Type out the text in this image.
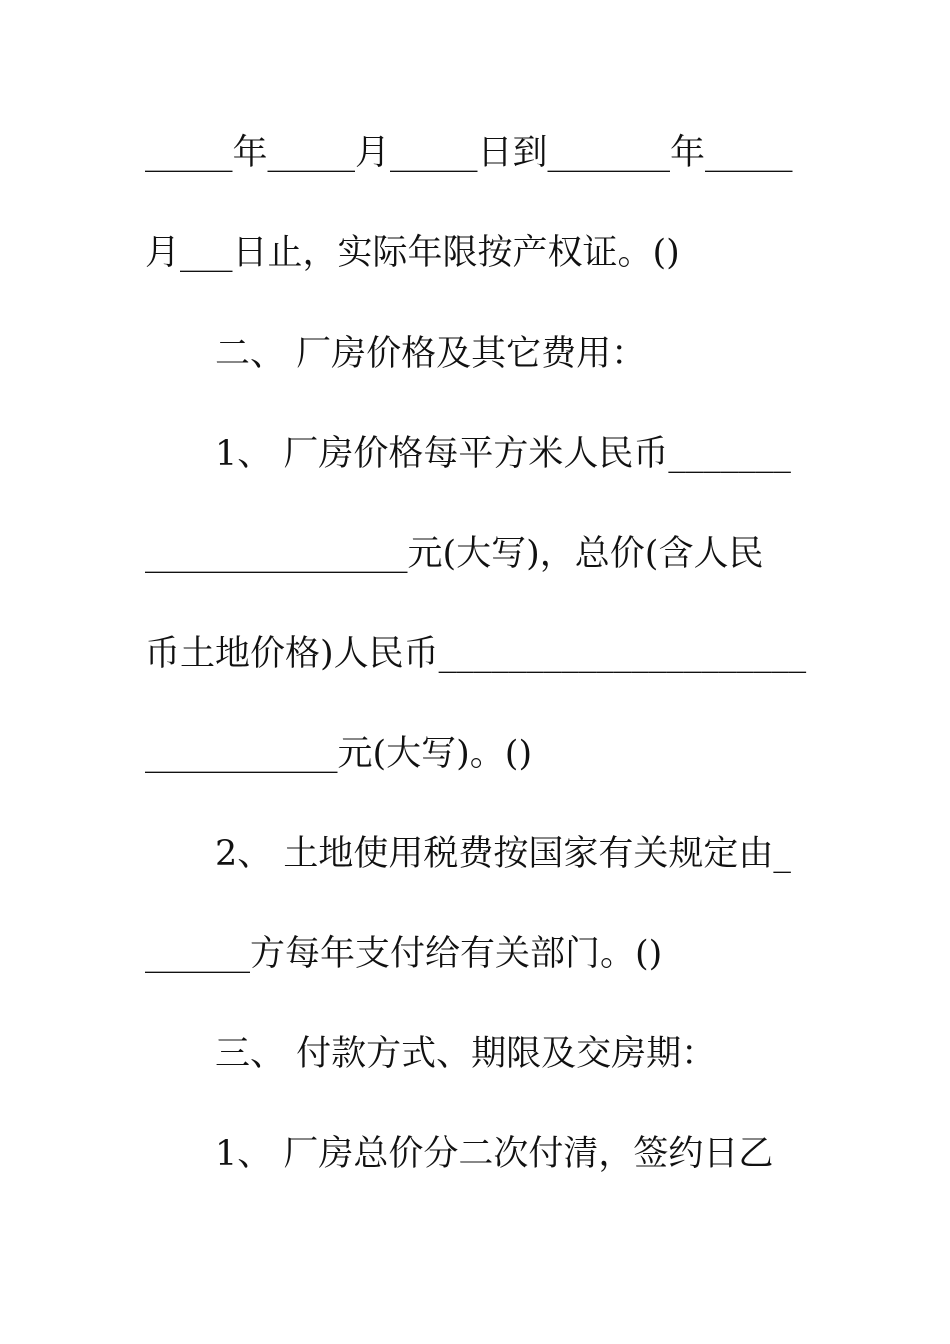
_____年_____月_____日到_______年_____
月___日止，实际年限按产权证。()
二、 厂房价格及其它费用：
1、 厂房价格每平方米人民币_______
_______________元(大写)，总价(含人民
币土地价格)人民币_____________________
___________元(大写)。()
2、 土地使用税费按国家有关规定由_
______方每年支付给有关部门。()
三、 付款方式、期限及交房期：
1、 厂房总价分二次付清，签约日乙
